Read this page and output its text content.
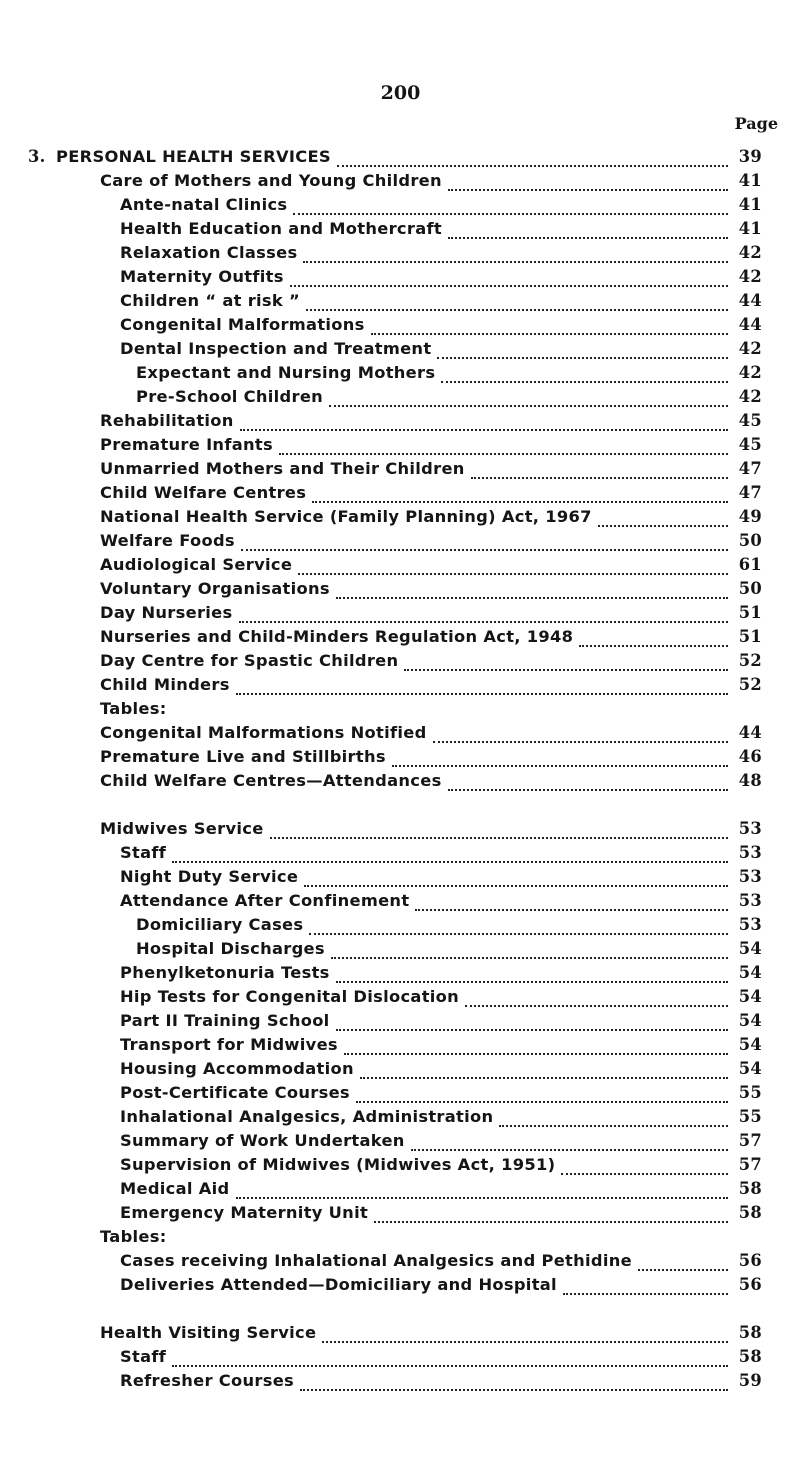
200
Page
3. PERSONAL HEALTH SERVICES	39
Care of Mothers and Young Children	41
Ante-natal Clinics	41
Health Education and Mothercraft	41
Relaxation Classes	42
Maternity Outfits	42
Children “ at risk ”	44
Congenital Malformations	44
Dental Inspection and Treatment	42
Expectant and Nursing Mothers	42
Pre-School Children	42
Rehabilitation	45
Premature Infants	45
Unmarried Mothers and Their Children	47
Child Welfare Centres	47
National Health Service (Family Planning) Act, 1967	49
Welfare Foods	50
Audiological Service	61
Voluntary Organisations	50
Day Nurseries	51
Nurseries and Child-Minders Regulation Act, 1948	51
Day Centre for Spastic Children	52
Child Minders	52
Tables:
Congenital Malformations Notified	44
Premature Live and Stillbirths	46
Child Welfare Centres—Attendances	48
Midwives Service	53
Staff	53
Night Duty Service	53
Attendance After Confinement	53
Domiciliary Cases	53
Hospital Discharges	54
Phenylketonuria Tests	54
Hip Tests for Congenital Dislocation	54
Part II Training School	54
Transport for Midwives	54
Housing Accommodation	54
Post-Certificate Courses	55
Inhalational Analgesics, Administration	55
Summary of Work Undertaken	57
Supervision of Midwives (Midwives Act, 1951)	57
Medical Aid	58
Emergency Maternity Unit	58
Tables:
Cases receiving Inhalational Analgesics and Pethidine	56
Deliveries Attended—Domiciliary and Hospital	56
Health Visiting Service	58
Staff	58
Refresher Courses	59
